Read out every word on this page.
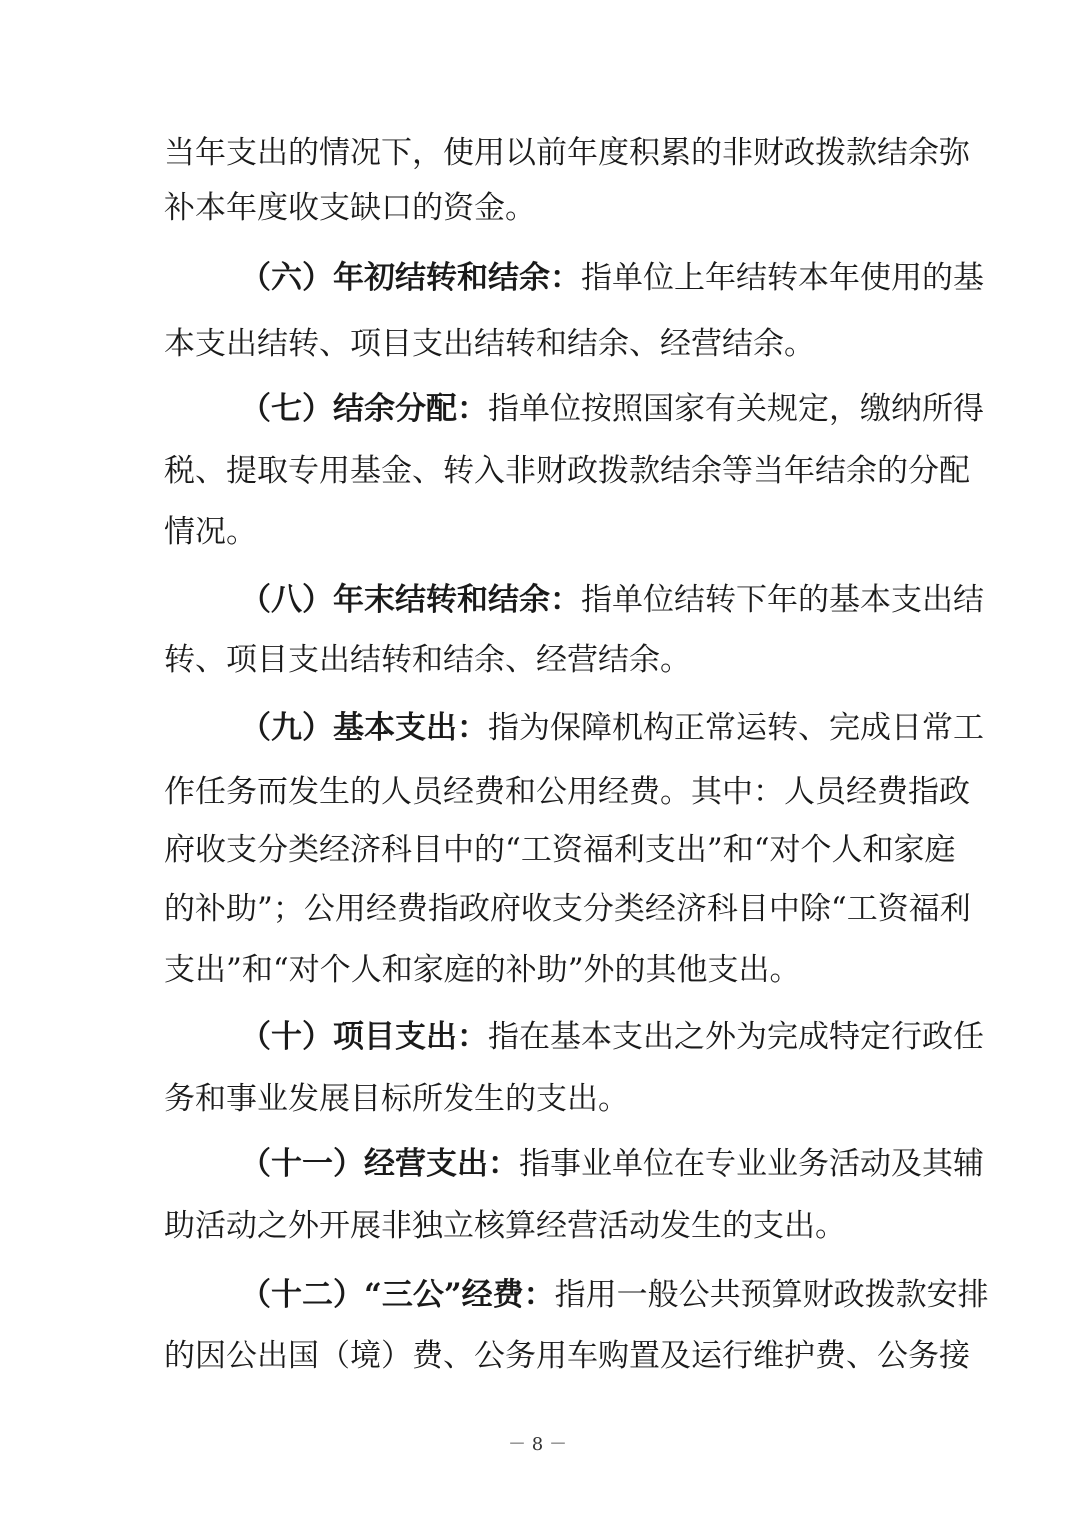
当年支出的情况下，使用以前年度积累的非财政拨款结余弥
补本年度收支缺口的资金。
（六）年初结转和结余：指单位上年结转本年使用的基
本支出结转、项目支出结转和结余、经营结余。
（七）结余分配：指单位按照国家有关规定，缴纳所得
税、提取专用基金、转入非财政拨款结余等当年结余的分配
情况。
（八）年末结转和结余：指单位结转下年的基本支出结
转、项目支出结转和结余、经营结余。
（九）基本支出：指为保障机构正常运转、完成日常工
作任务而发生的人员经费和公用经费。其中：人员经费指政
府收支分类经济科目中的“工资福利支出”和“对个人和家庭
的补助”；公用经费指政府收支分类经济科目中除“工资福利
支出”和“对个人和家庭的补助”外的其他支出。
（十）项目支出：指在基本支出之外为完成特定行政任
务和事业发展目标所发生的支出。
（十一）经营支出：指事业单位在专业业务活动及其辅
助活动之外开展非独立核算经营活动发生的支出。
（十二）“三公”经费：指用一般公共预算财政拨款安排
的因公出国（境）费、公务用车购置及运行维护费、公务接
－ 8 －
